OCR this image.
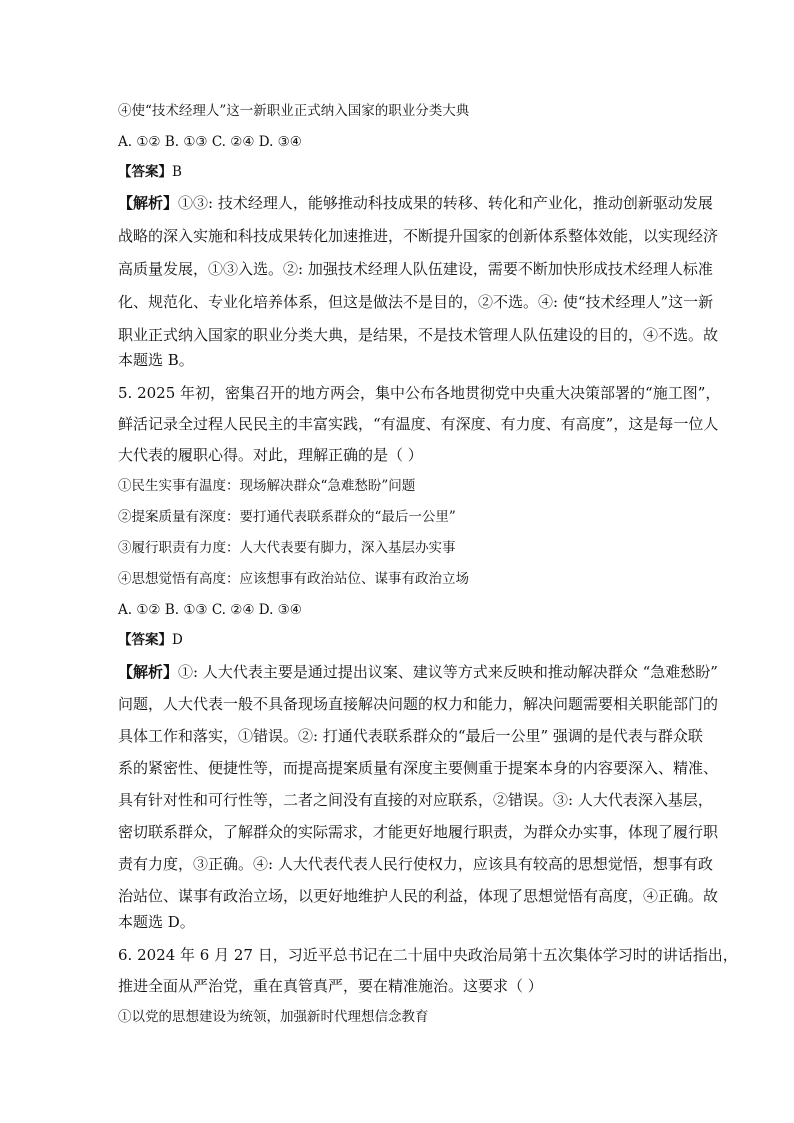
④使“技术经理人”这一新职业正式纳入国家的职业分类大典
A. ①② B. ①③ C. ②④ D. ③④
【答案】B
【解析】①③: 技术经理人，能够推动科技成果的转移、转化和产业化，推动创新驱动发展
战略的深入实施和科技成果转化加速推进，不断提升国家的创新体系整体效能，以实现经济
高质量发展，①③入选。②: 加强技术经理人队伍建设，需要不断加快形成技术经理人标准
化、规范化、专业化培养体系，但这是做法不是目的，②不选。④: 使“技术经理人”这一新
职业正式纳入国家的职业分类大典，是结果，不是技术管理人队伍建设的目的，④不选。故
本题选 B。
5. 2025 年初，密集召开的地方两会，集中公布各地贯彻党中央重大决策部署的“施工图”，
鲜活记录全过程人民民主的丰富实践，“有温度、有深度、有力度、有高度”，这是每一位人
大代表的履职心得。对此，理解正确的是（ ）
①民生实事有温度：现场解决群众“急难愁盼”问题
②提案质量有深度：要打通代表联系群众的“最后一公里”
③履行职责有力度：人大代表要有脚力，深入基层办实事
④思想觉悟有高度：应该想事有政治站位、谋事有政治立场
A. ①② B. ①③ C. ②④ D. ③④
【答案】D
【解析】①: 人大代表主要是通过提出议案、建议等方式来反映和推动解决群众 “急难愁盼”
问题，人大代表一般不具备现场直接解决问题的权力和能力，解决问题需要相关职能部门的
具体工作和落实，①错误。②: 打通代表联系群众的“最后一公里” 强调的是代表与群众联
系的紧密性、便捷性等，而提高提案质量有深度主要侧重于提案本身的内容要深入、精准、
具有针对性和可行性等，二者之间没有直接的对应联系，②错误。③: 人大代表深入基层，
密切联系群众，了解群众的实际需求，才能更好地履行职责，为群众办实事，体现了履行职
责有力度，③正确。④: 人大代表代表人民行使权力，应该具有较高的思想觉悟，想事有政
治站位、谋事有政治立场，以更好地维护人民的利益，体现了思想觉悟有高度，④正确。故
本题选 D。
6. 2024 年 6 月 27 日，习近平总书记在二十届中央政治局第十五次集体学习时的讲话指出，
推进全面从严治党，重在真管真严，要在精准施治。这要求（ ）
①以党的思想建设为统领，加强新时代理想信念教育
